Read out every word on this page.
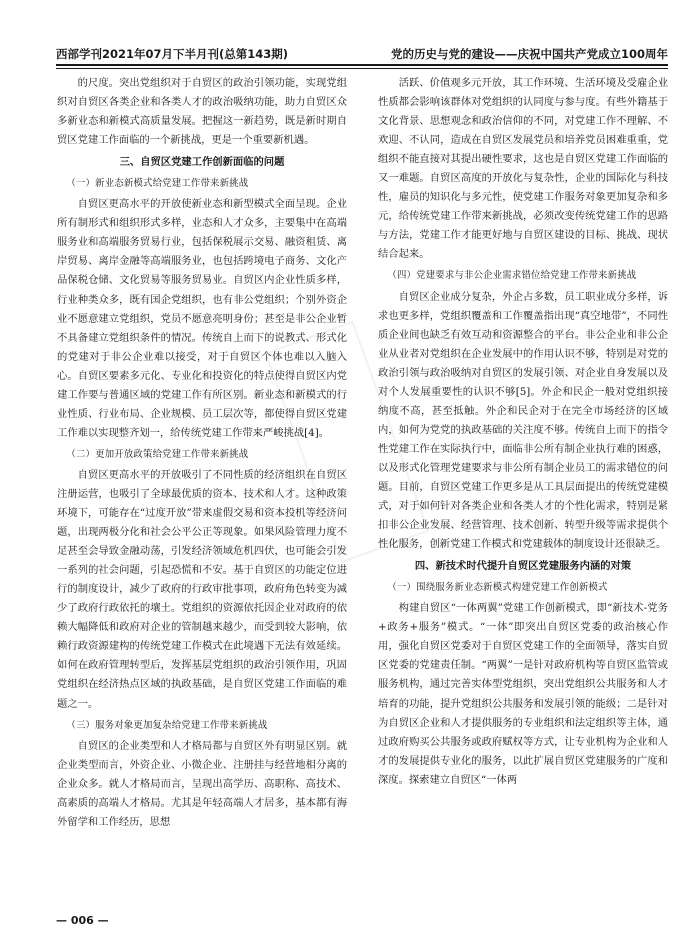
西部学刊2021年07月下半月刊(总第143期)	党的历史与党的建设——庆祝中国共产党成立100周年

的尺度。突出党组织对于自贸区的政治引领功能，实现党组织对自贸区各类企业和各类人才的政治吸纳功能，助力自贸区众多新业态和新模式高质量发展。把握这一新趋势，既是新时期自贸区党建工作面临的一个新挑战，更是一个重要新机遇。

三、自贸区党建工作创新面临的问题

（一）新业态新模式给党建工作带来新挑战

自贸区更高水平的开放使新业态和新型模式全面呈现。企业所有制形式和组织形式多样，业态和人才众多，主要集中在高端服务业和高端服务贸易行业，包括保税展示交易、融资租赁、离岸贸易、离岸金融等高端服务业，也包括跨境电子商务、文化产品保税仓储、文化贸易等服务贸易业。自贸区内企业性质多样，行业种类众多，既有国企党组织，也有非公党组织；个别外资企业不愿意建立党组织，党员不愿意亮明身份；甚至是非公企业暂不具备建立党组织条件的情况。传统自上而下的说教式、形式化的党建对于非公企业难以接受，对于自贸区个体也难以入脑入心。自贸区要素多元化、专业化和投资化的特点使得自贸区内党建工作要与普通区域的党建工作有所区别。新业态和新模式的行业性质、行业布局、企业规模、员工层次等，都使得自贸区党建工作难以实现整齐划一，给传统党建工作带来严峻挑战[4]。

（二）更加开放政策给党建工作带来新挑战

自贸区更高水平的开放吸引了不同性质的经济组织在自贸区注册运营，也吸引了全球最优质的资本、技术和人才。这种政策环境下，可能存在“过度开放”带来虚假交易和资本投机等经济问题，出现两极分化和社会公平公正等现象。如果风险管理力度不足甚至会导致金融动荡，引发经济领域危机四伏，也可能会引发一系列的社会问题，引起恐慌和不安。基于自贸区的功能定位进行的制度设计，减少了政府的行政审批事项，政府角色转变为减少了政府行政依托的壤土。党组织的资源依托因企业对政府的依赖大幅降低和政府对企业的管制越来越少，而受到较大影响，依赖行政资源建构的传统党建工作模式在此境遇下无法有效延续。如何在政府管理转型后，发挥基层党组织的政治引领作用，巩固党组织在经济热点区域的执政基础，是自贸区党建工作面临的难题之一。

（三）服务对象更加复杂给党建工作带来新挑战

自贸区的企业类型和人才格局都与自贸区外有明显区别。就企业类型而言，外资企业、小微企业、注册挂与经营地相分离的企业众多。就人才格局而言，呈现出高学历、高职称、高技术、高素质的高端人才格局。尤其是年轻高端人才居多，基本都有海外留学和工作经历，思想

活跃、价值观多元开放，其工作环境、生活环境及受雇企业性质都会影响该群体对党组织的认同度与参与度。有些外籍基于文化背景、思想观念和政治信仰的不同，对党建工作不理解、不欢迎、不认同，造成在自贸区发展党员和培养党员困难重重，党组织不能直接对其提出硬性要求，这也是自贸区党建工作面临的又一难题。自贸区高度的开放化与复杂性，企业的国际化与科技性，雇员的知识化与多元性，使党建工作服务对象更加复杂和多元，给传统党建工作带来新挑战，必须改变传统党建工作的思路与方法，党建工作才能更好地与自贸区建设的目标、挑战、现状结合起来。

（四）党建要求与非公企业需求错位给党建工作带来新挑战

自贸区企业成分复杂，外企占多数，员工职业成分多样，诉求也更多样，党组织覆盖和工作覆盖指出现“真空地带”，不同性质企业间也缺乏有效互动和资源整合的平台。非公企业和非公企业从业者对党组织在企业发展中的作用认识不够，特别是对党的政治引领与政治吸纳对自贸区的发展引领、对企业自身发展以及对个人发展重要性的认识不够[5]。外企和民企一般对党组织接纳度不高，甚至抵触。外企和民企对于在完全市场经济的区域内，如何为党党的执政基础的关注度不够。传统自上而下的指令性党建工作在实际执行中，面临非公所有制企业执行难的困惑，以及形式化管理党建要求与非公所有制企业员工的需求错位的问题。目前，自贸区党建工作更多是从工具层面提出的传统党建模式，对于如何针对各类企业和各类人才的个性化需求，特别是紧扣非公企业发展、经营管理、技术创新、转型升级等需求提供个性化服务，创新党建工作模式和党建载体的制度设计还很缺乏。

四、新技术时代提升自贸区党建服务内涵的对策

（一）围绕服务新业态新模式构建党建工作创新模式

构建自贸区“一体两翼”党建工作创新模式，即“新技术-党务+政务+服务”模式。“一体”即突出自贸区党委的政治核心作用，强化自贸区党委对于自贸区党建工作的全面领导，落实自贸区党委的党建责任制。“两翼”一是针对政府机构等自贸区监管或服务机构，通过完善实体型党组织，突出党组织公共服务和人才培育的功能，提升党组织公共服务和发展引领的能级；二是针对为自贸区企业和人才提供服务的专业组织和法定组织等主体，通过政府购买公共服务或政府赋权等方式，让专业机构为企业和人才的发展提供专业化的服务，以此扩展自贸区党建服务的广度和深度。探索建立自贸区“一体两

— 006 —
